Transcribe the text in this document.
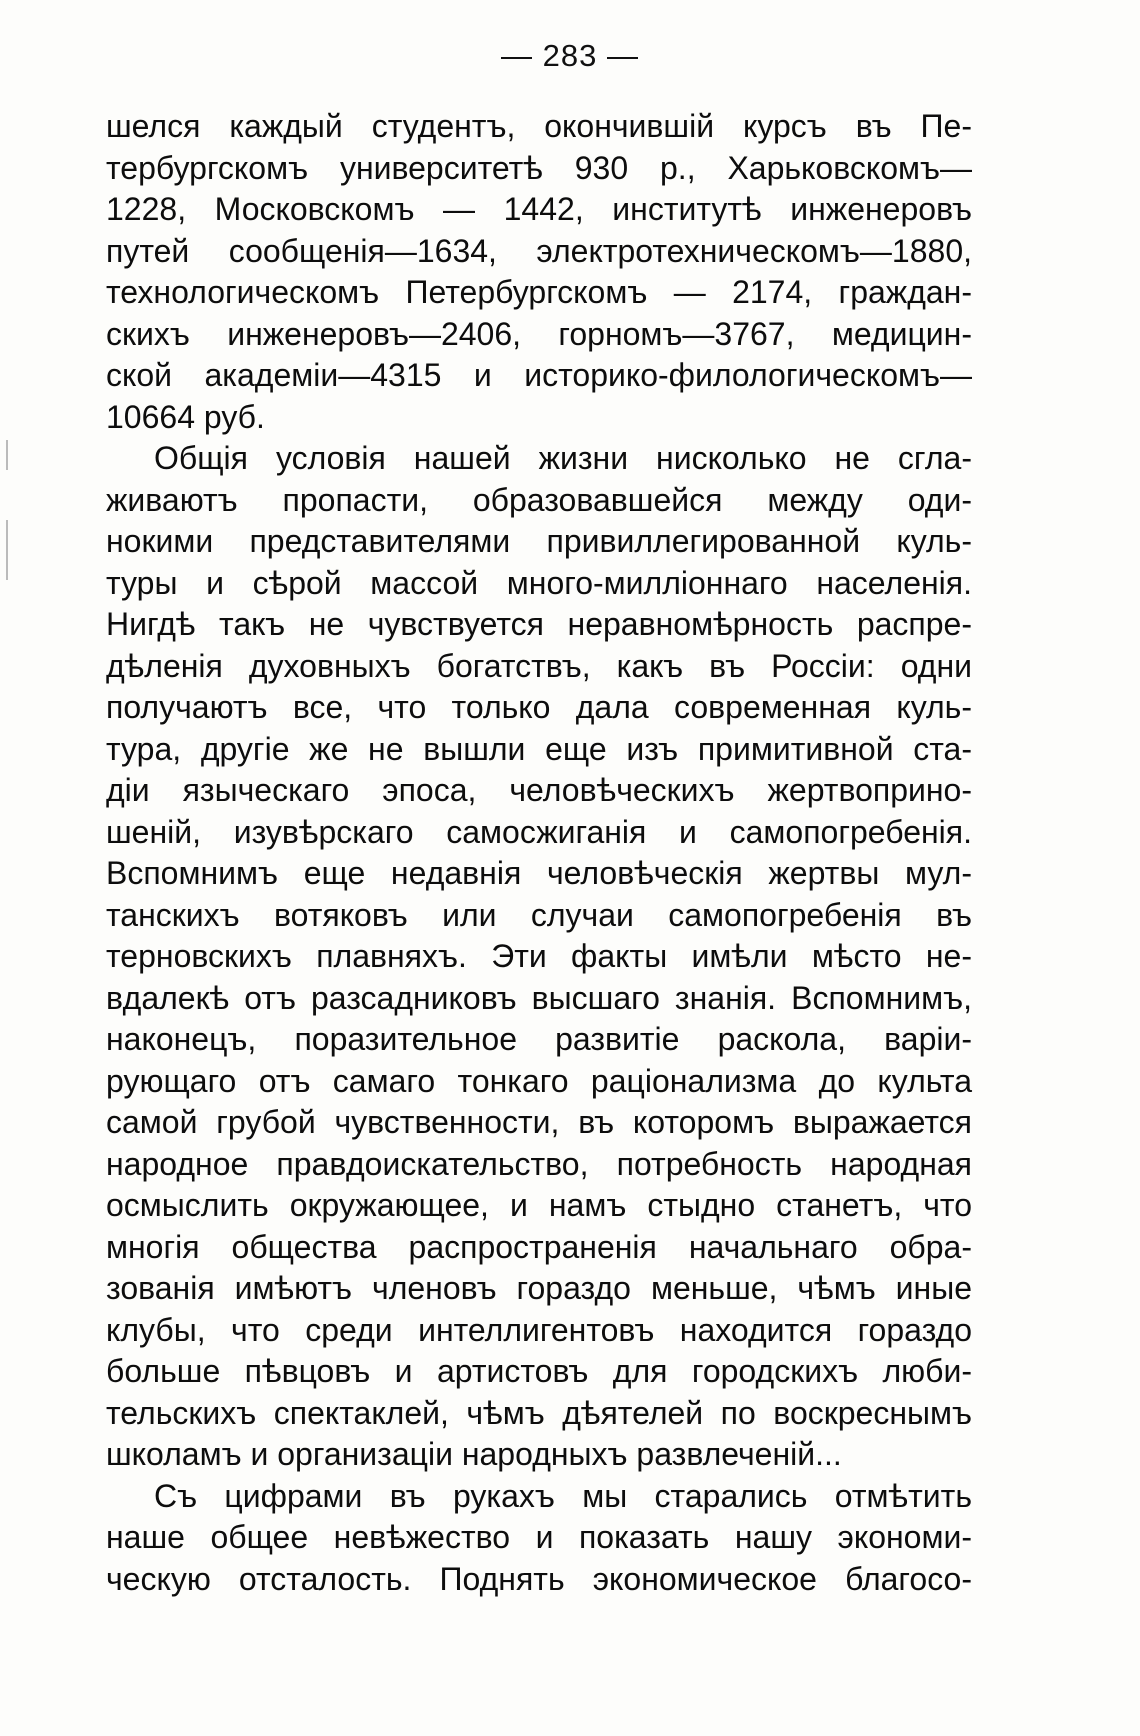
— 283 —
шелся каждый студентъ, окончившій курсъ въ Пе-
тербургскомъ университетѣ 930 р., Харьковскомъ—
1228, Московскомъ — 1442, институтѣ инженеровъ
путей сообщенія—1634, электротехническомъ—1880,
технологическомъ Петербургскомъ — 2174, граждан-
скихъ инженеровъ—2406, горномъ—3767, медицин-
ской академіи—4315 и историко-филологическомъ—
10664 руб.
Общія условія нашей жизни нисколько не сгла-
живаютъ пропасти, образовавшейся между оди-
нокими представителями привиллегированной куль-
туры и сѣрой массой много-милліоннаго населенія.
Нигдѣ такъ не чувствуется неравномѣрность распре-
дѣленія духовныхъ богатствъ, какъ въ Россіи: одни
получаютъ все, что только дала современная куль-
тура, другіе же не вышли еще изъ примитивной ста-
діи языческаго эпоса, человѣческихъ жертвоприно-
шеній, изувѣрскаго самосжиганія и самопогребенія.
Вспомнимъ еще недавнія человѣческія жертвы мул-
танскихъ вотяковъ или случаи самопогребенія въ
терновскихъ плавняхъ. Эти факты имѣли мѣсто не-
вдалекѣ отъ разсадниковъ высшаго знанія. Вспомнимъ,
наконецъ, поразительное развитіе раскола, варіи-
рующаго отъ самаго тонкаго раціонализма до культа
самой грубой чувственности, въ которомъ выражается
народное правдоискательство, потребность народная
осмыслить окружающее, и намъ стыдно станетъ, что
многія общества распространенія начальнаго обра-
зованія имѣютъ членовъ гораздо меньше, чѣмъ иные
клубы, что среди интеллигентовъ находится гораздо
больше пѣвцовъ и артистовъ для городскихъ люби-
тельскихъ спектаклей, чѣмъ дѣятелей по воскреснымъ
школамъ и организаціи народныхъ развлеченій...
Съ цифрами въ рукахъ мы старались отмѣтить
наше общее невѣжество и показать нашу экономи-
ческую отсталость. Поднять экономическое благосо-
